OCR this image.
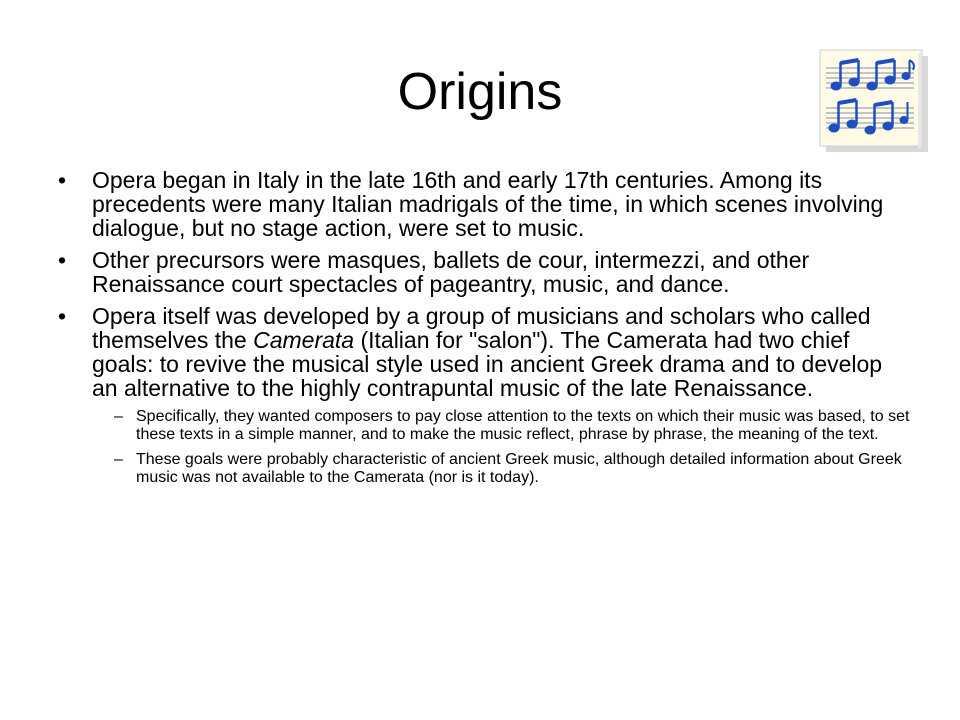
Origins
• Opera began in Italy in the late 16th and early 17th centuries. Among its precedents were many Italian madrigals of the time, in which scenes involving dialogue, but no stage action, were set to music.
• Other precursors were masques, ballets de cour, intermezzi, and other Renaissance court spectacles of pageantry, music, and dance.
• Opera itself was developed by a group of musicians and scholars who called themselves the Camerata (Italian for "salon"). The Camerata had two chief goals: to revive the musical style used in ancient Greek drama and to develop an alternative to the highly contrapuntal music of the late Renaissance.
– Specifically, they wanted composers to pay close attention to the texts on which their music was based, to set these texts in a simple manner, and to make the music reflect, phrase by phrase, the meaning of the text.
– These goals were probably characteristic of ancient Greek music, although detailed information about Greek music was not available to the Camerata (nor is it today).
